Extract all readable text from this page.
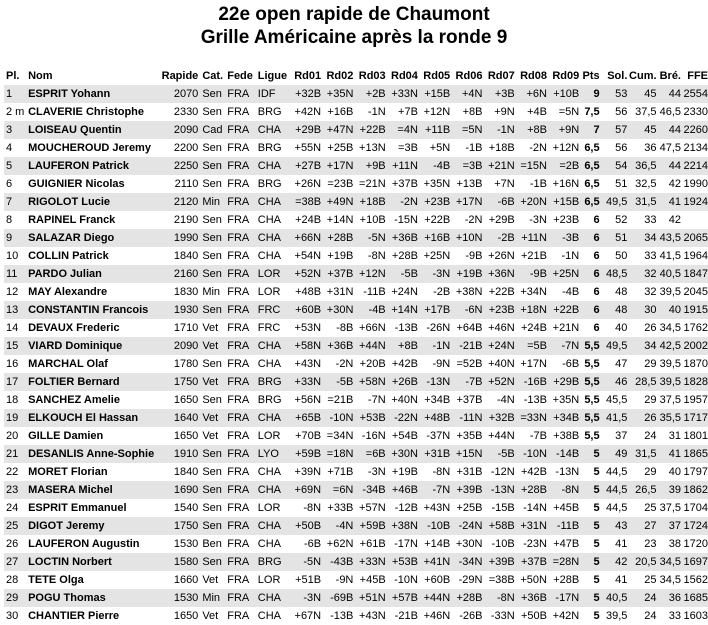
22e open rapide de Chaumont
Grille Américaine après la ronde 9
Pl.	Nom	Rapide	Cat.	Fede	Ligue	Rd01	Rd02	Rd03	Rd04	Rd05	Rd06	Rd07	Rd08	Rd09	Pts	Sol.	Cum.	Bré.	FFE
1	ESPRIT Yohann	2070	Sen	FRA	IDF	+32B	+35N	+2B	+33N	+15B	+4N	+3B	+6N	+10B	9	53	45	44	2554
2 m	CLAVERIE Christophe	2330	Sen	FRA	BRG	+42N	+16B	-1N	+7B	+12N	+8B	+9N	+4B	=5N	7,5	56	37,5	46,5	2330
3	LOISEAU Quentin	2090	Cad	FRA	CHA	+29B	+47N	+22B	=4N	+11B	=5N	-1N	+8B	+9N	7	57	45	44	2260
4	MOUCHEROUD Jeremy	2200	Sen	FRA	BRG	+55N	+25B	+13N	=3B	+5N	-1B	+18B	-2N	+12N	6,5	56	36	47,5	2134
5	LAUFERON Patrick	2250	Sen	FRA	CHA	+27B	+17N	+9B	+11N	-4B	=3B	+21N	=15N	=2B	6,5	54	36,5	44	2214
6	GUIGNIER Nicolas	2110	Sen	FRA	BRG	+26N	=23B	=21N	+37B	+35N	+13B	+7N	-1B	+16N	6,5	51	32,5	42	1990
7	RIGOLOT Lucie	2120	Min	FRA	CHA	=38B	+49N	+18B	-2N	+23B	+17N	-6B	+20N	+15B	6,5	49,5	31,5	41	1924
8	RAPINEL Franck	2190	Sen	FRA	CHA	+24B	+14N	+10B	-15N	+22B	-2N	+29B	-3N	+23B	6	52	33	42	
9	SALAZAR Diego	1990	Sen	FRA	CHA	+66N	+28B	-5N	+36B	+16B	+10N	-2B	+11N	-3B	6	51	34	43,5	2065
10	COLLIN Patrick	1840	Sen	FRA	CHA	+54N	+19B	-8N	+28B	+25N	-9B	+26N	+21B	-1N	6	50	33	41,5	1964
11	PARDO Julian	2160	Sen	FRA	LOR	+52N	+37B	+12N	-5B	-3N	+19B	+36N	-9B	+25N	6	48,5	32	40,5	1847
12	MAY Alexandre	1830	Min	FRA	LOR	+48B	+31N	-11B	+24N	-2B	+38N	+22B	+34N	-4B	6	48	32	39,5	2045
13	CONSTANTIN Francois	1930	Sen	FRA	FRC	+60B	+30N	-4B	+14N	+17B	-6N	+23B	+18N	+22B	6	48	30	40	1915
14	DEVAUX Frederic	1710	Vet	FRA	FRC	+53N	-8B	+66N	-13B	-26N	+64B	+46N	+24B	+21N	6	40	26	34,5	1762
15	VIARD Dominique	2090	Vet	FRA	CHA	+58N	+36B	+44N	+8B	-1N	-21B	+24N	=5B	-7N	5,5	49,5	34	42,5	2002
16	MARCHAL Olaf	1780	Sen	FRA	CHA	+43N	-2N	+20B	+42B	-9N	=52B	+40N	+17N	-6B	5,5	47	29	39,5	1870
17	FOLTIER Bernard	1750	Vet	FRA	BRG	+33N	-5B	+58N	+26B	-13N	-7B	+52N	-16B	+29B	5,5	46	28,5	39,5	1828
18	SANCHEZ Amelie	1650	Sen	FRA	BRG	+56N	=21B	-7N	+40N	+34B	+37B	-4N	-13B	+35N	5,5	45,5	29	37,5	1957
19	ELKOUCH El Hassan	1640	Vet	FRA	CHA	+65B	-10N	+53B	-22N	+48B	-11N	+32B	=33N	+34B	5,5	41,5	26	35,5	1717
20	GILLE Damien	1650	Vet	FRA	LOR	+70B	=34N	-16N	+54B	-37N	+35B	+44N	-7B	+38B	5,5	37	24	31	1801
21	DESANLIS Anne-Sophie	1910	Sen	FRA	LYO	+59B	=18N	=6B	+30N	+31B	+15N	-5B	-10N	-14B	5	49	31,5	41	1865
22	MORET Florian	1840	Sen	FRA	CHA	+39N	+71B	-3N	+19B	-8N	+31B	-12N	+42B	-13N	5	44,5	29	40	1797
23	MASERA Michel	1690	Sen	FRA	CHA	+69N	=6N	-34B	+46B	-7N	+39B	-13N	+28B	-8N	5	44,5	26,5	39	1862
24	ESPRIT Emmanuel	1540	Sen	FRA	LOR	-8N	+33B	+57N	-12B	+43N	+25B	-15B	-14N	+45B	5	44,5	25	37,5	1704
25	DIGOT Jeremy	1750	Sen	FRA	CHA	+50B	-4N	+59B	+38N	-10B	-24N	+58B	+31N	-11B	5	43	27	37	1724
26	LAUFERON Augustin	1530	Ben	FRA	CHA	-6B	+62N	+61B	-17N	+14B	+30N	-10B	-23N	+47B	5	41	23	38	1720
27	LOCTIN Norbert	1580	Sen	FRA	BRG	-5N	-43B	+33N	+53B	+41N	-34N	+39B	+37B	=28N	5	42	20,5	34,5	1697
28	TETE Olga	1660	Vet	FRA	LOR	+51B	-9N	+45B	-10N	+60B	-29N	=38B	+50N	+28B	5	41	25	34,5	1562
29	POGU Thomas	1530	Min	FRA	CHA	-3N	-69B	+51N	+57B	+44N	+28B	-8N	+36B	-17N	5	40,5	24	36	1685
30	CHANTIER Pierre	1650	Vet	FRA	CHA	+67N	-13B	+43N	-21B	+46N	-26B	-33N	+50B	+42N	5	39,5	24	33	1603
